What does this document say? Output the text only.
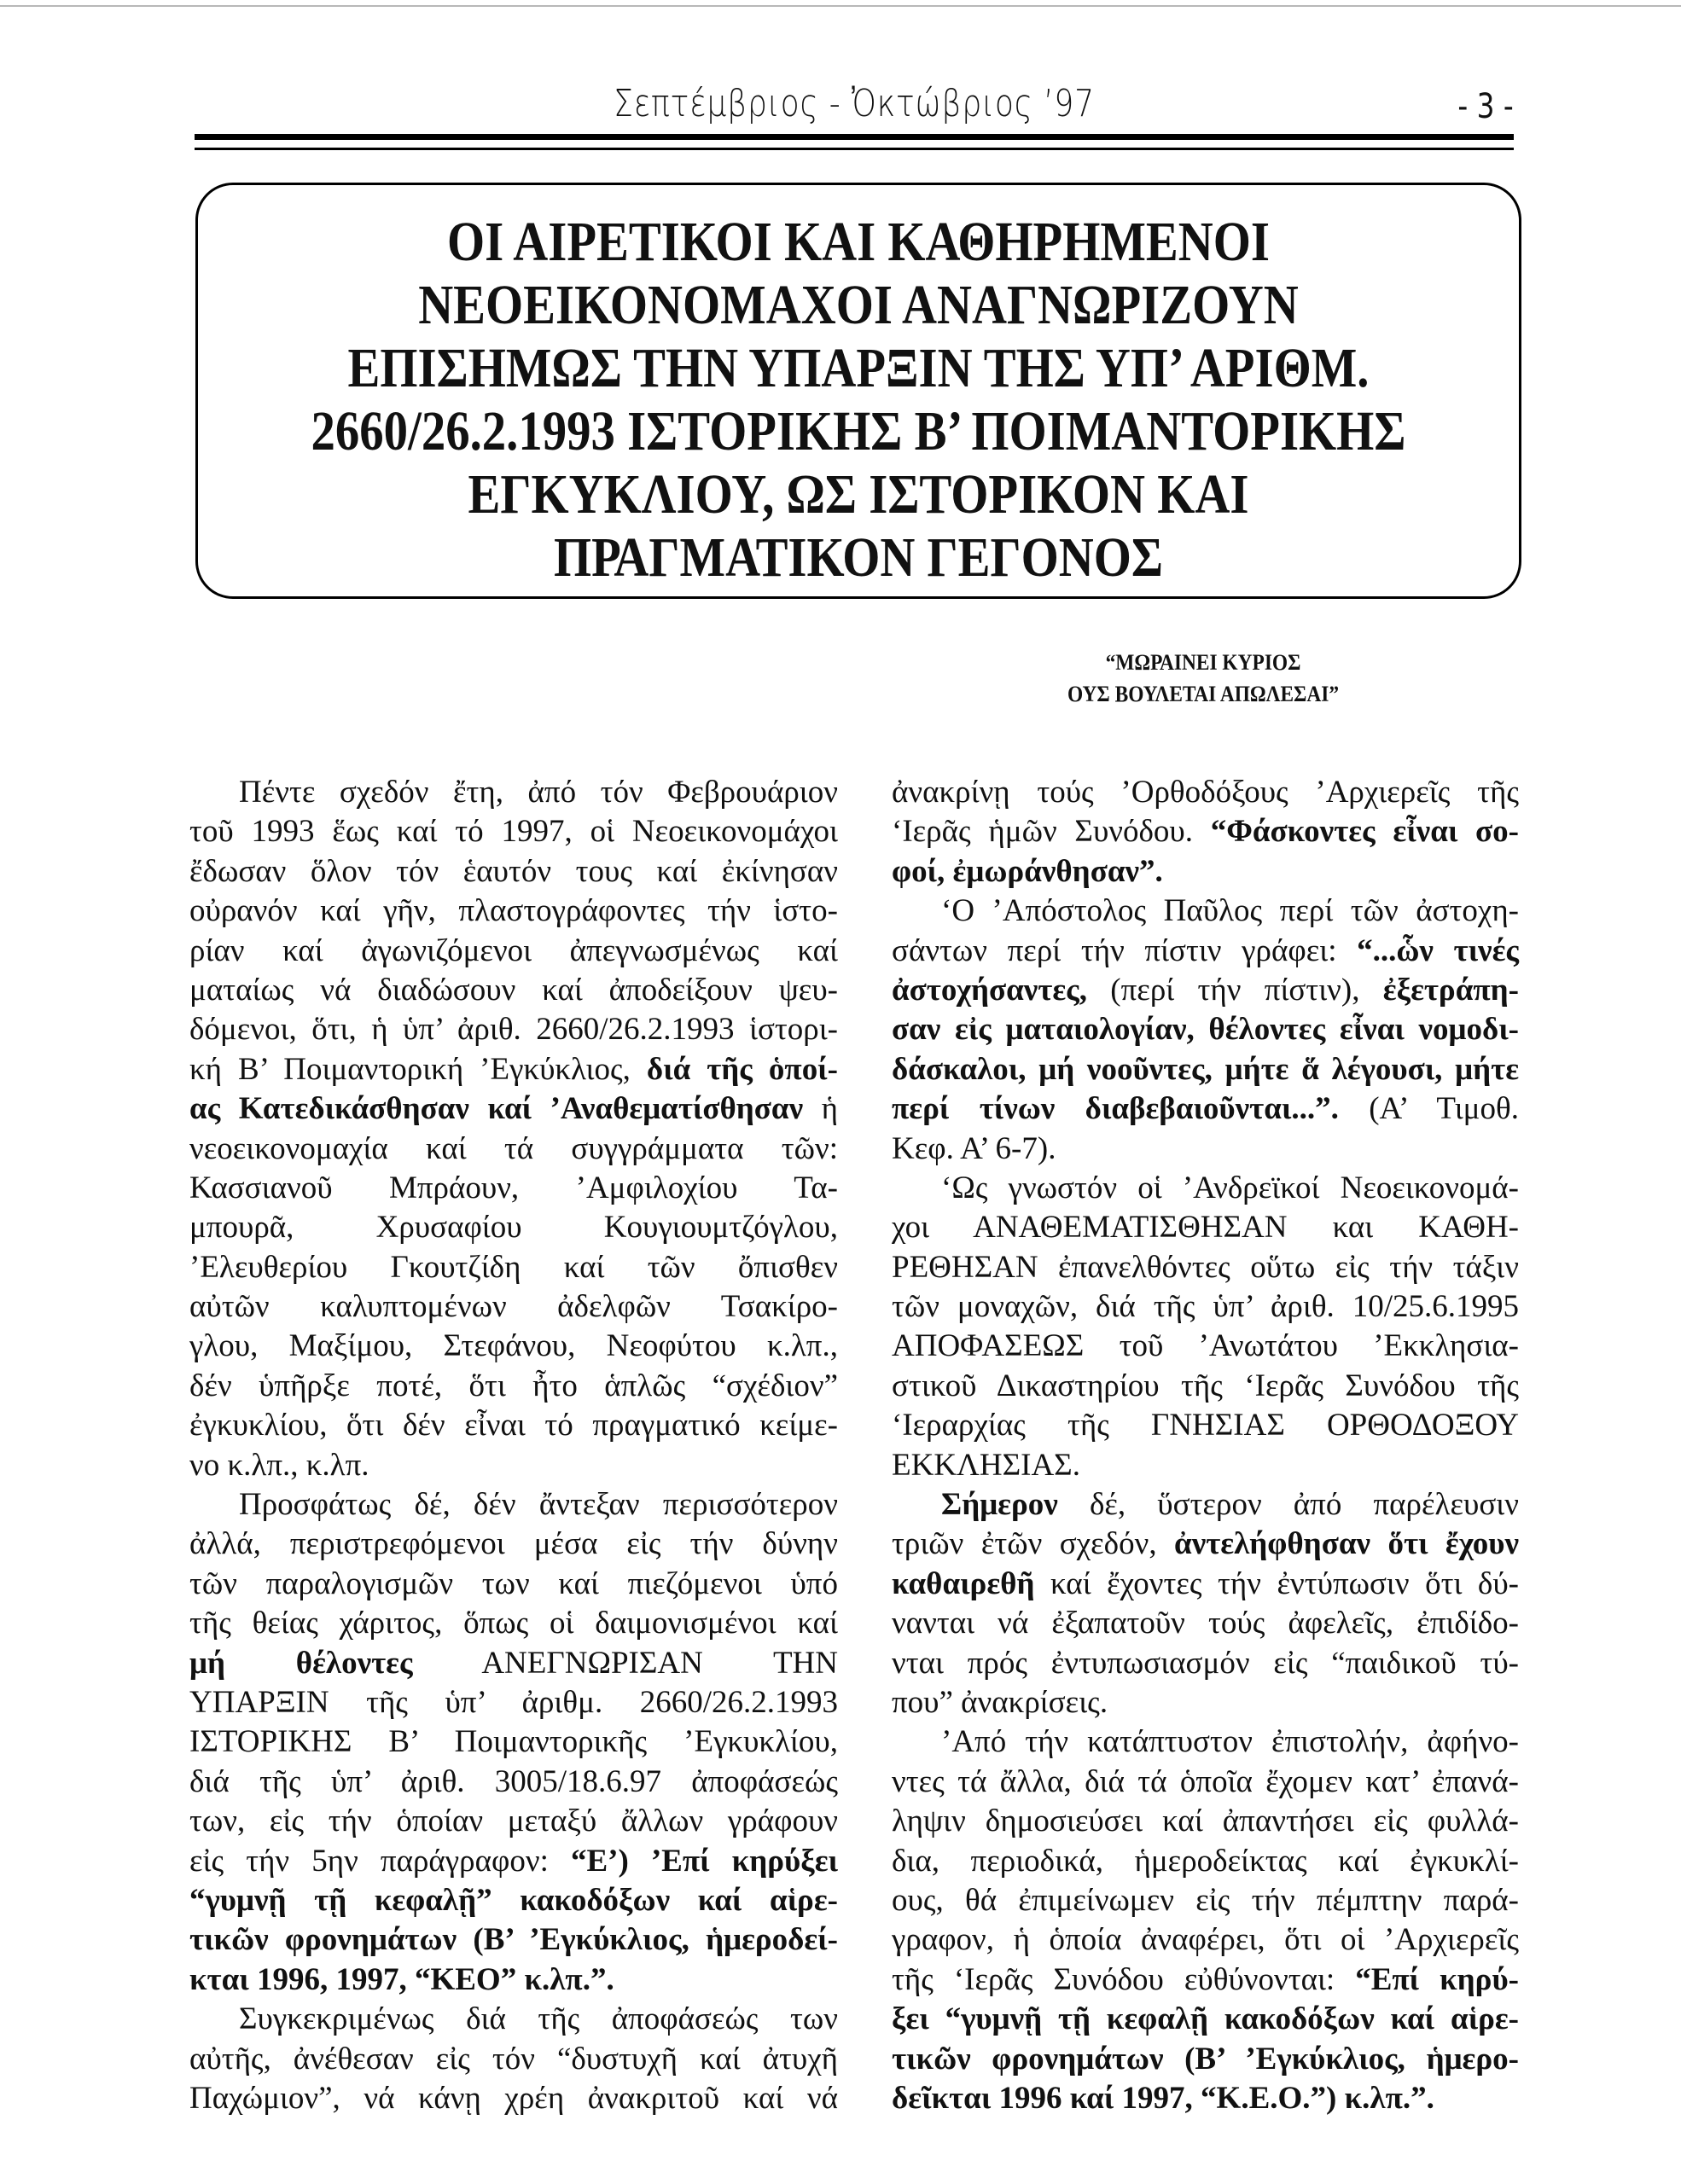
Σεπτέμβριος - Ὀκτώβριος ’97	- 3 -
ΟΙ ΑΙΡΕΤΙΚΟΙ ΚΑΙ ΚΑΘΗΡΗΜΕΝΟΙ
ΝΕΟΕΙΚΟΝΟΜΑΧΟΙ ΑΝΑΓΝΩΡΙΖΟΥΝ
ΕΠΙΣΗΜΩΣ ΤΗΝ ΥΠΑΡΞΙΝ ΤΗΣ ΥΠ’ ΑΡΙΘΜ.
2660/26.2.1993 ΙΣΤΟΡΙΚΗΣ Β’ ΠΟΙΜΑΝΤΟΡΙΚΗΣ
ΕΓΚΥΚΛΙΟΥ, ΩΣ ΙΣΤΟΡΙΚΟΝ ΚΑΙ
ΠΡΑΓΜΑΤΙΚΟΝ ΓΕΓΟΝΟΣ
“ΜΩΡΑΙΝΕΙ ΚΥΡΙΟΣ
ΟΥΣ ΒΟΥΛΕΤΑΙ ΑΠΩΛΕΣΑΙ”
Πέντε σχεδόν ἔτη, ἀπό τόν Φεβρουάριον
τοῦ 1993 ἕως καί τό 1997, οἱ Νεοεικονομάχοι
ἔδωσαν ὅλον τόν ἑαυτόν τους καί ἐκίνησαν
οὐρανόν καί γῆν, πλαστογράφοντες τήν ἱστο-
ρίαν καί ἀγωνιζόμενοι ἀπεγνωσμένως καί
ματαίως νά διαδώσουν καί ἀποδείξουν ψευ-
δόμενοι, ὅτι, ἡ ὑπ’ ἀριθ. 2660/26.2.1993 ἱστορι-
κή Β’ Ποιμαντορική ’Εγκύκλιος, διά τῆς ὁποί-
ας Κατεδικάσθησαν καί ’Αναθεματίσθησαν ἡ
νεοεικονομαχία καί τά συγγράμματα τῶν:
Κασσιανοῦ Μπράουν, ’Αμφιλοχίου Τα-
μπουρᾶ, Χρυσαφίου Κουγιουμτζόγλου,
’Ελευθερίου Γκουτζίδη καί τῶν ὄπισθεν
αὐτῶν καλυπτομένων ἀδελφῶν Τσακίρο-
γλου, Μαξίμου, Στεφάνου, Νεοφύτου κ.λπ.,
δέν ὑπῆρξε ποτέ, ὅτι ἦτο ἁπλῶς “σχέδιον”
ἐγκυκλίου, ὅτι δέν εἶναι τό πραγματικό κείμε-
νο κ.λπ., κ.λπ.
Προσφάτως δέ, δέν ἄντεξαν περισσότερον
ἀλλά, περιστρεφόμενοι μέσα εἰς τήν δύνην
τῶν παραλογισμῶν των καί πιεζόμενοι ὑπό
τῆς θείας χάριτος, ὅπως οἱ δαιμονισμένοι καί
μή θέλοντες ΑΝΕΓΝΩΡΙΣΑΝ ΤΗΝ
ΥΠΑΡΞΙΝ τῆς ὑπ’ ἀριθμ. 2660/26.2.1993
ΙΣΤΟΡΙΚΗΣ Β’ Ποιμαντορικῆς ’Εγκυκλίου,
διά τῆς ὑπ’ ἀριθ. 3005/18.6.97 ἀποφάσεώς
των, εἰς τήν ὁποίαν μεταξύ ἄλλων γράφουν
εἰς τήν 5ην παράγραφον: “Ε’) ’Επί κηρύξει
“γυμνῇ τῇ κεφαλῇ” κακοδόξων καί αἱρε-
τικῶν φρονημάτων (Β’ ’Εγκύκλιος, ἡμεροδεί-
κται 1996, 1997, “ΚΕΟ” κ.λπ.”.
Συγκεκριμένως διά τῆς ἀποφάσεώς των
αὐτῆς, ἀνέθεσαν εἰς τόν “δυστυχῆ καί ἀτυχῆ
Παχώμιον”, νά κάνῃ χρέη ἀνακριτοῦ καί νά
ἀνακρίνῃ τούς ’Ορθοδόξους ’Αρχιερεῖς τῆς
‘Ιερᾶς ἡμῶν Συνόδου. “Φάσκοντες εἶναι σο-
φοί, ἐμωράνθησαν”.
‘Ο ’Απόστολος Παῦλος περί τῶν ἀστοχη-
σάντων περί τήν πίστιν γράφει: “...ὧν τινές
ἀστοχήσαντες, (περί τήν πίστιν), ἐξετράπη-
σαν εἰς ματαιολογίαν, θέλοντες εἶναι νομοδι-
δάσκαλοι, μή νοοῦντες, μήτε ἅ λέγουσι, μήτε
περί τίνων διαβεβαιοῦνται...”. (Α’ Τιμοθ.
Κεφ. Α’ 6-7).
‘Ως γνωστόν οἱ ’Ανδρεϊκοί Νεοεικονομά-
χοι ΑΝΑΘΕΜΑΤΙΣΘΗΣΑΝ και ΚΑΘΗ-
ΡΕΘΗΣΑΝ ἐπανελθόντες οὕτω εἰς τήν τάξιν
τῶν μοναχῶν, διά τῆς ὑπ’ ἀριθ. 10/25.6.1995
ΑΠΟΦΑΣΕΩΣ τοῦ ’Ανωτάτου ’Εκκλησια-
στικοῦ Δικαστηρίου τῆς ‘Ιερᾶς Συνόδου τῆς
‘Ιεραρχίας τῆς ΓΝΗΣΙΑΣ ΟΡΘΟΔΟΞΟΥ
ΕΚΚΛΗΣΙΑΣ.
Σήμερον δέ, ὕστερον ἀπό παρέλευσιν
τριῶν ἐτῶν σχεδόν, ἀντελήφθησαν ὅτι ἔχουν
καθαιρεθῆ καί ἔχοντες τήν ἐντύπωσιν ὅτι δύ-
νανται νά ἐξαπατοῦν τούς ἀφελεῖς, ἐπιδίδο-
νται πρός ἐντυπωσιασμόν εἰς “παιδικοῦ τύ-
που” ἀνακρίσεις.
’Από τήν κατάπτυστον ἐπιστολήν, ἀφήνο-
ντες τά ἄλλα, διά τά ὁποῖα ἔχομεν κατ’ ἐπανά-
ληψιν δημοσιεύσει καί ἀπαντήσει εἰς φυλλά-
δια, περιοδικά, ἡμεροδείκτας καί ἐγκυκλί-
ους, θά ἐπιμείνωμεν εἰς τήν πέμπτην παρά-
γραφον, ἡ ὁποία ἀναφέρει, ὅτι οἱ ’Αρχιερεῖς
τῆς ‘Ιερᾶς Συνόδου εὐθύνονται: “Επί κηρύ-
ξει “γυμνῇ τῇ κεφαλῇ κακοδόξων καί αἱρε-
τικῶν φρονημάτων (Β’ ’Εγκύκλιος, ἡμερο-
δεῖκται 1996 καί 1997, “Κ.Ε.Ο.”) κ.λπ.”.
